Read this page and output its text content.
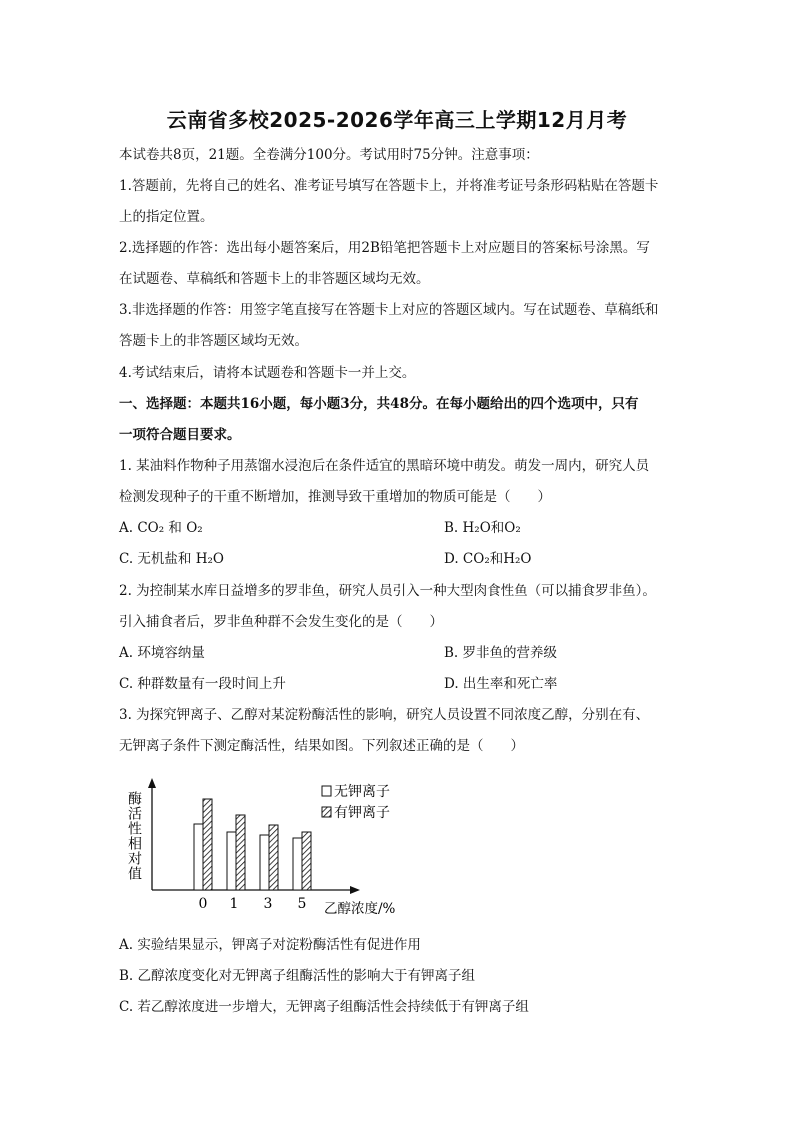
云南省多校2025-2026学年高三上学期12月月考
本试卷共8页，21题。全卷满分100分。考试用时75分钟。注意事项：
1.答题前，先将自己的姓名、准考证号填写在答题卡上，并将准考证号条形码粘贴在答题卡
上的指定位置。
2.选择题的作答：选出每小题答案后，用2B铅笔把答题卡上对应题目的答案标号涂黑。写
在试题卷、草稿纸和答题卡上的非答题区域均无效。
3.非选择题的作答：用签字笔直接写在答题卡上对应的答题区域内。写在试题卷、草稿纸和
答题卡上的非答题区域均无效。
4.考试结束后，请将本试题卷和答题卡一并上交。
一、选择题：本题共16小题，每小题3分，共48分。在每小题给出的四个选项中，只有
一项符合题目要求。
1. 某油料作物种子用蒸馏水浸泡后在条件适宜的黑暗环境中萌发。萌发一周内，研究人员
检测发现种子的干重不断增加，推测导致干重增加的物质可能是（　　）
A. CO₂ 和 O₂	B. H₂O和O₂
C. 无机盐和 H₂O	D. CO₂和H₂O
2. 为控制某水库日益增多的罗非鱼，研究人员引入一种大型肉食性鱼（可以捕食罗非鱼）。
引入捕食者后，罗非鱼种群不会发生变化的是（　　）
A. 环境容纳量	B. 罗非鱼的营养级
C. 种群数量有一段时间上升	D. 出生率和死亡率
3. 为探究钾离子、乙醇对某淀粉酶活性的影响，研究人员设置不同浓度乙醇，分别在有、
无钾离子条件下测定酶活性，结果如图。下列叙述正确的是（　　）
酶活性相对值
乙醇浓度/%
0 1 3 5
无钾离子
有钾离子
A. 实验结果显示，钾离子对淀粉酶活性有促进作用
B. 乙醇浓度变化对无钾离子组酶活性的影响大于有钾离子组
C. 若乙醇浓度进一步增大，无钾离子组酶活性会持续低于有钾离子组
